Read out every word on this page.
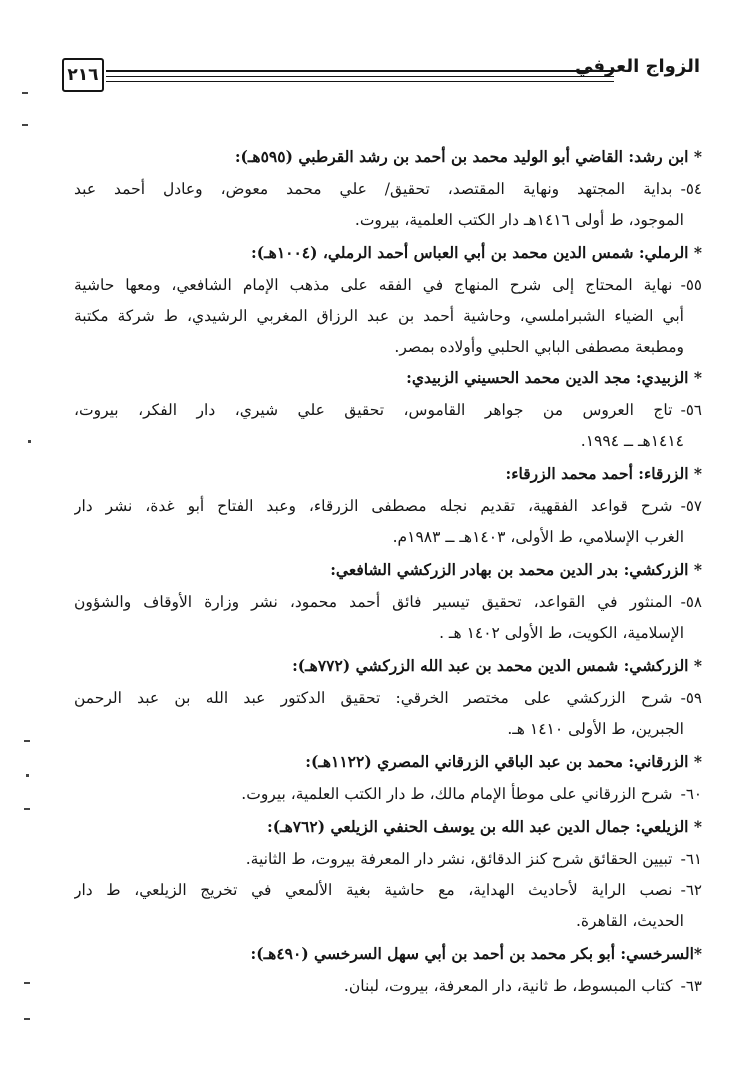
٢١٦	الزواج العرفي

* ابن رشد: القاضي أبو الوليد محمد بن أحمد بن رشد القرطبي (٥٩٥هـ):

٥٤-بداية المجتهد ونهاية المقتصد، تحقيق/ علي محمد معوض، وعادل أحمد عبد
الموجود، ط أولى ١٤١٦هـ دار الكتب العلمية، بيروت.

* الرملي: شمس الدين محمد بن أبي العباس أحمد الرملي، (١٠٠٤هـ):

٥٥-نهاية المحتاج إلى شرح المنهاج في الفقه على مذهب الإمام الشافعي، ومعها حاشية
أبي الضياء الشبراملسي، وحاشية أحمد بن عبد الرزاق المغربي الرشيدي، ط شركة مكتبة
ومطبعة مصطفى البابي الحلبي وأولاده بمصر.

* الزبيدي: مجد الدين محمد الحسيني الزبيدي:

٥٦-تاج العروس من جواهر القاموس، تحقيق علي شيري، دار الفكر، بيروت،
١٤١٤هـ ــ ١٩٩٤.

* الزرقاء: أحمد محمد الزرقاء:

٥٧-شرح قواعد الفقهية، تقديم نجله مصطفى الزرقاء، وعبد الفتاح أبو غدة، نشر دار
الغرب الإسلامي، ط الأولى، ١٤٠٣هـ ــ ١٩٨٣م.

* الزركشي: بدر الدين محمد بن بهادر الزركشي الشافعي:

٥٨-المنثور في القواعد، تحقيق تيسير فائق أحمد محمود، نشر وزارة الأوقاف والشؤون
الإسلامية، الكويت، ط الأولى ١٤٠٢ هـ .

* الزركشي: شمس الدين محمد بن عبد الله الزركشي (٧٧٢هـ):

٥٩-شرح الزركشي على مختصر الخرقي: تحقيق الدكتور عبد الله بن عبد الرحمن
الجبرين، ط الأولى ١٤١٠ هـ.

* الزرقاني: محمد بن عبد الباقي الزرقاني المصري (١١٢٢هـ):

٦٠-شرح الزرقاني على موطأ الإمام مالك، ط دار الكتب العلمية، بيروت.

* الزيلعي: جمال الدين عبد الله بن يوسف الحنفي الزيلعي (٧٦٢هـ):

٦١-تبيين الحقائق شرح كنز الدقائق، نشر دار المعرفة بيروت، ط الثانية.
٦٢-نصب الراية لأحاديث الهداية، مع حاشية بغية الألمعي في تخريج الزيلعي، ط دار
الحديث، القاهرة.

*السرخسي: أبو بكر محمد بن أحمد بن أبي سهل السرخسي (٤٩٠هـ):

٦٣-كتاب المبسوط، ط ثانية، دار المعرفة، بيروت، لبنان.
